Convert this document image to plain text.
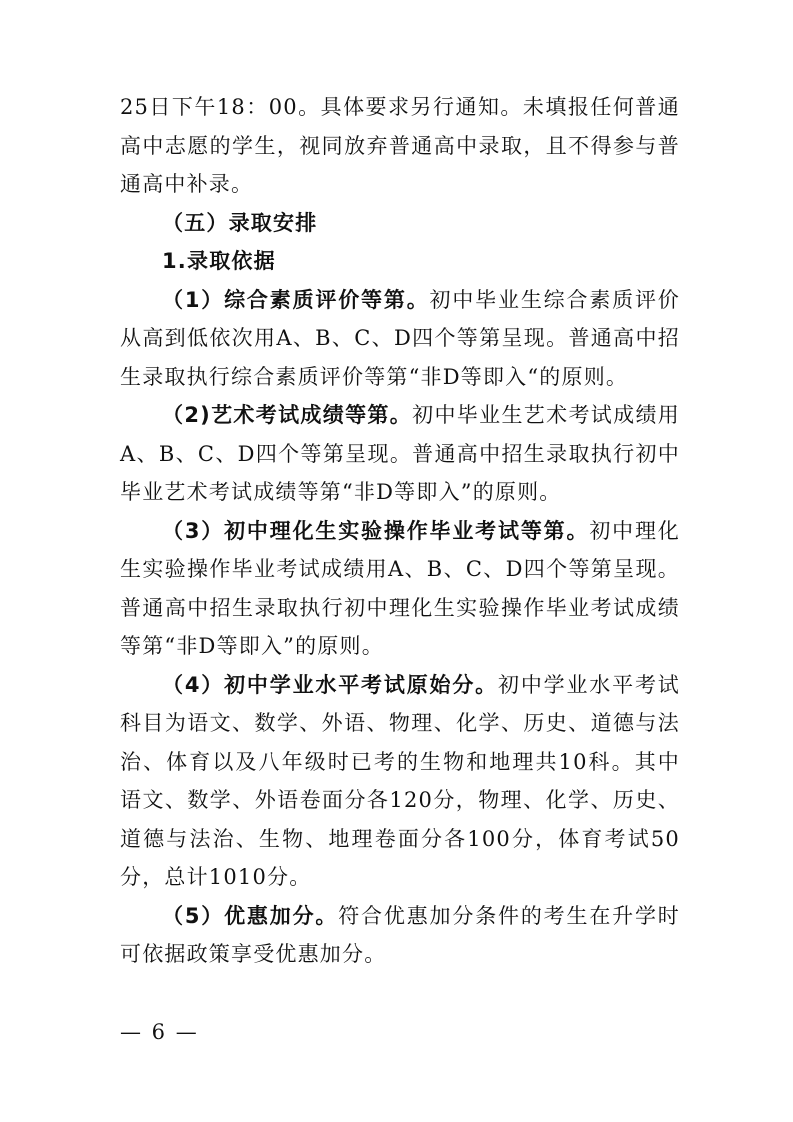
25日下午18：00。具体要求另行通知。未填报任何普通高中志愿的学生，视同放弃普通高中录取，且不得参与普通高中补录。

（五）录取安排

1.录取依据

（1）综合素质评价等第。初中毕业生综合素质评价从高到低依次用A、B、C、D四个等第呈现。普通高中招生录取执行综合素质评价等第“非D等即入“的原则。

（2)艺术考试成绩等第。初中毕业生艺术考试成绩用A、B、C、D四个等第呈现。普通高中招生录取执行初中毕业艺术考试成绩等第“非D等即入”的原则。

（3）初中理化生实验操作毕业考试等第。初中理化生实验操作毕业考试成绩用A、B、C、D四个等第呈现。普通高中招生录取执行初中理化生实验操作毕业考试成绩等第“非D等即入”的原则。

（4）初中学业水平考试原始分。初中学业水平考试科目为语文、数学、外语、物理、化学、历史、道德与法治、体育以及八年级时已考的生物和地理共10科。其中语文、数学、外语卷面分各120分，物理、化学、历史、道德与法治、生物、地理卷面分各100分，体育考试50分，总计1010分。

（5）优惠加分。符合优惠加分条件的考生在升学时可依据政策享受优惠加分。

— 6 —
